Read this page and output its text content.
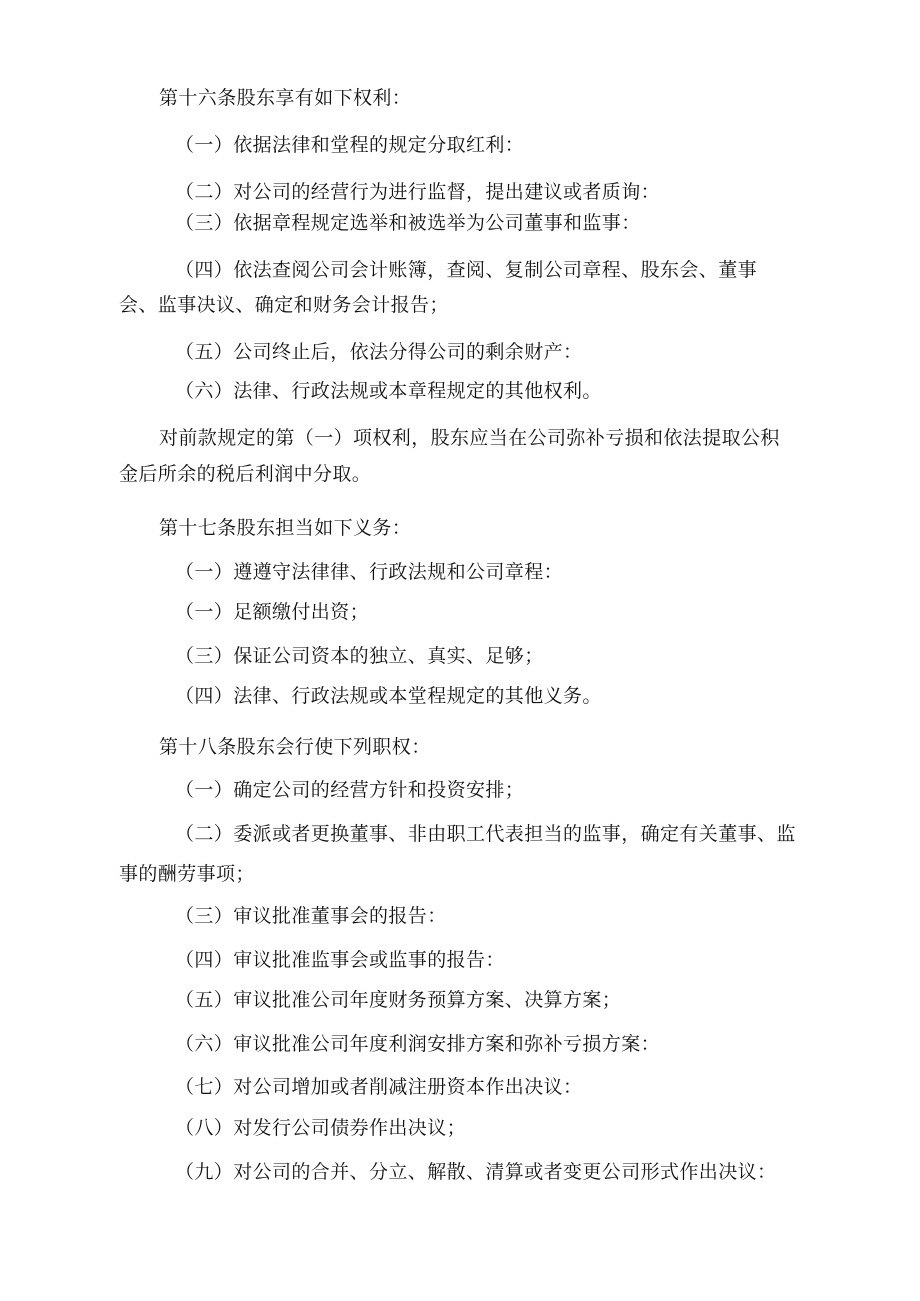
第十六条股东享有如下权利：
（一）依据法律和堂程的规定分取红利：
（二）对公司的经营行为进行监督，提出建议或者质询：
（三）依据章程规定选举和被选举为公司董事和监事：
（四）依法查阅公司会计账簿，查阅、复制公司章程、股东会、董事
会、监事决议、确定和财务会计报告；
（五）公司终止后，依法分得公司的剩余财产：
（六）法律、行政法规或本章程规定的其他权利。
对前款规定的第（一）项权利，股东应当在公司弥补亏损和依法提取公积
金后所余的税后利润中分取。
第十七条股东担当如下义务：
（一）遵遵守法律律、行政法规和公司章程：
（一）足额缴付出资；
（三）保证公司资本的独立、真实、足够；
（四）法律、行政法规或本堂程规定的其他义务。
第十八条股东会行使下列职权：
（一）确定公司的经营方针和投资安排；
（二）委派或者更换董事、非由职工代表担当的监事，确定有关董事、监
事的酬劳事项；
（三）审议批准董事会的报告：
（四）审议批准监事会或监事的报告：
（五）审议批准公司年度财务预算方案、决算方案；
（六）审议批准公司年度利润安排方案和弥补亏损方案：
（七）对公司增加或者削减注册资本作出决议：
（八）对发行公司债券作出决议；
（九）对公司的合并、分立、解散、清算或者变更公司形式作出决议：
